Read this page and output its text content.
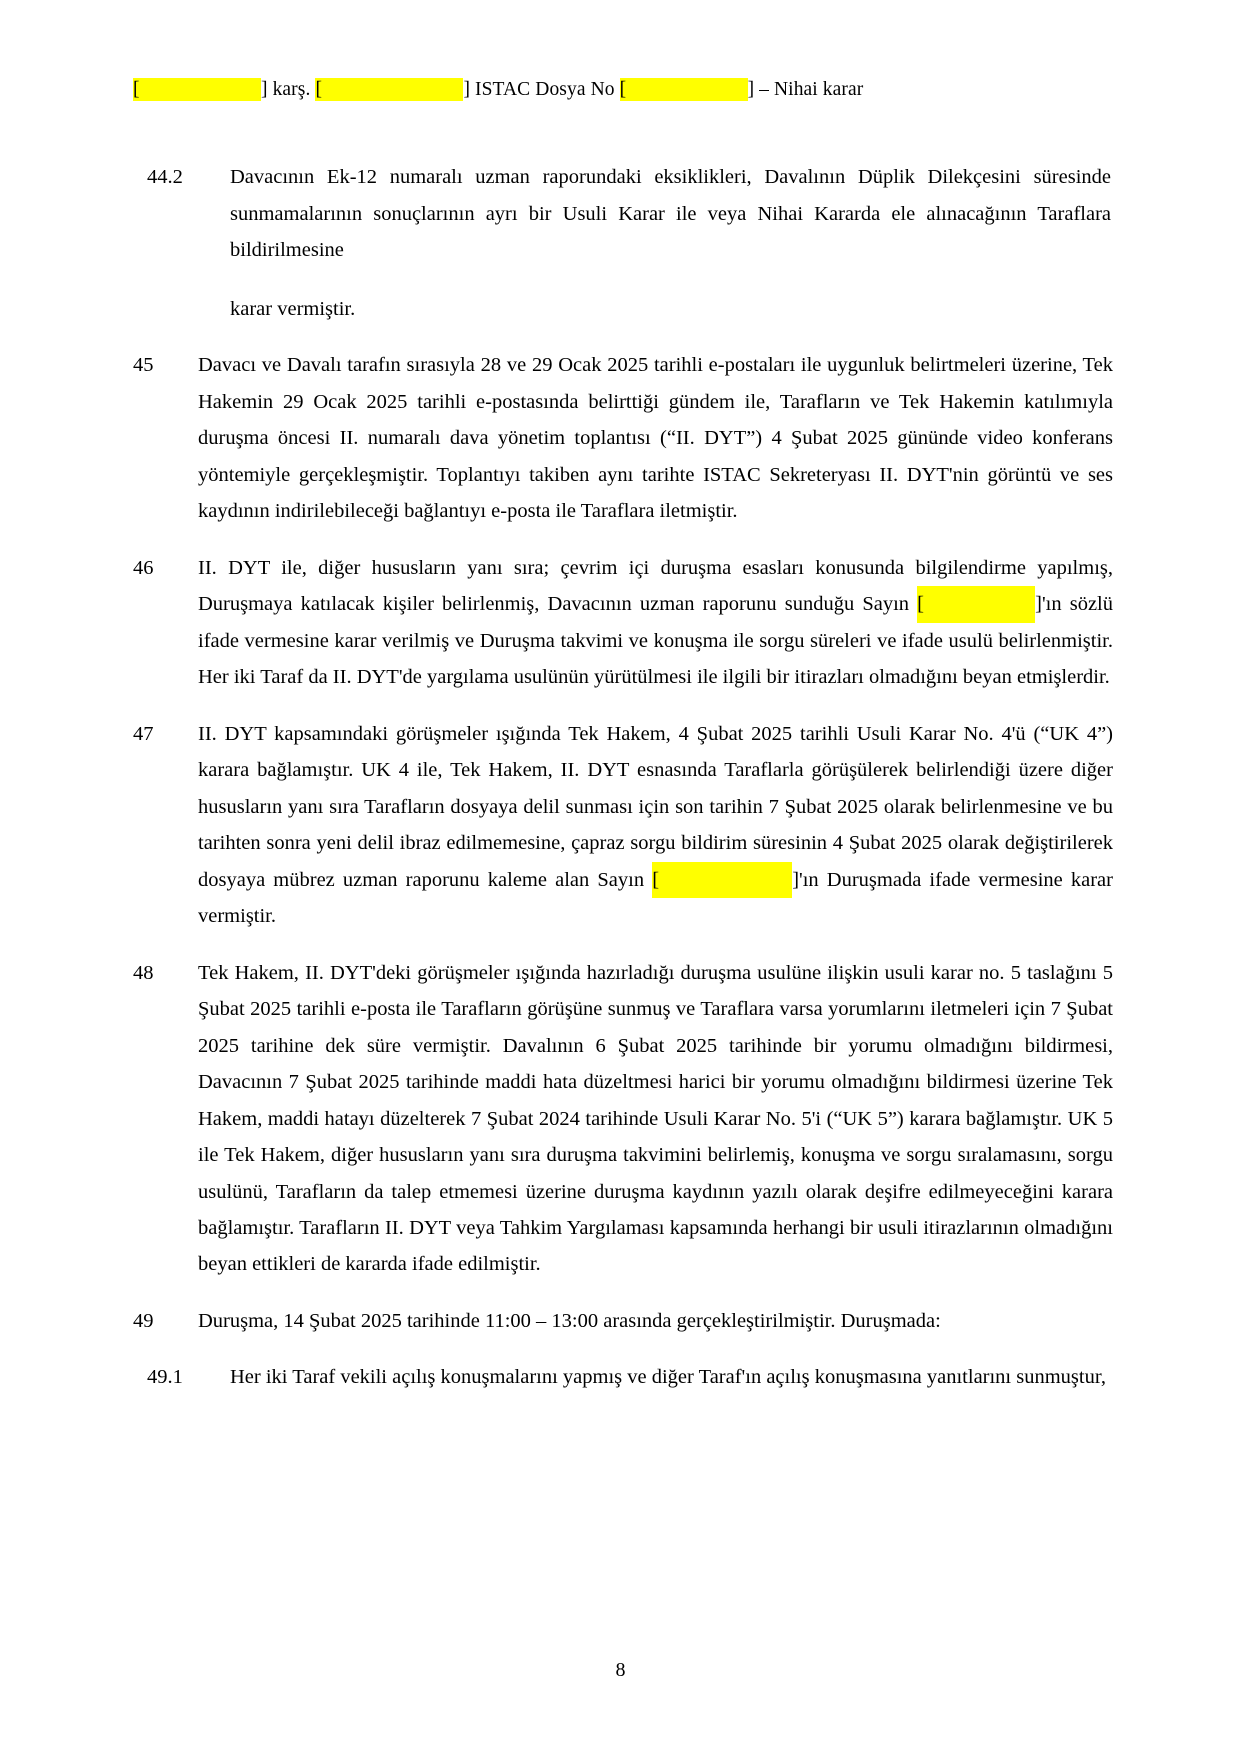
[	] karş. [	] ISTAC Dosya No [	] – Nihai karar
44.2	Davacının Ek-12 numaralı uzman raporundaki eksiklikleri, Davalının Düplik Dilekçesini süresinde sunmamalarının sonuçlarının ayrı bir Usuli Karar ile veya Nihai Kararda ele alınacağının Taraflara bildirilmesine

karar vermiştir.

45	Davacı ve Davalı tarafın sırasıyla 28 ve 29 Ocak 2025 tarihli e-postaları ile uygunluk belirtmeleri üzerine, Tek Hakemin 29 Ocak 2025 tarihli e-postasında belirttiği gündem ile, Tarafların ve Tek Hakemin katılımıyla duruşma öncesi II. numaralı dava yönetim toplantısı (“II. DYT”) 4 Şubat 2025 gününde video konferans yöntemiyle gerçekleşmiştir. Toplantıyı takiben aynı tarihte ISTAC Sekreteryası II. DYT'nin görüntü ve ses kaydının indirilebileceği bağlantıyı e-posta ile Taraflara iletmiştir.

46	II. DYT ile, diğer hususların yanı sıra; çevrim içi duruşma esasları konusunda bilgilendirme yapılmış, Duruşmaya katılacak kişiler belirlenmiş, Davacının uzman raporunu sunduğu Sayın [	]'ın sözlü ifade vermesine karar verilmiş ve Duruşma takvimi ve konuşma ile sorgu süreleri ve ifade usulü belirlenmiştir. Her iki Taraf da II. DYT'de yargılama usulünün yürütülmesi ile ilgili bir itirazları olmadığını beyan etmişlerdir.

47	II. DYT kapsamındaki görüşmeler ışığında Tek Hakem, 4 Şubat 2025 tarihli Usuli Karar No. 4'ü (“UK 4”) karara bağlamıştır. UK 4 ile, Tek Hakem, II. DYT esnasında Taraflarla görüşülerek belirlendiği üzere diğer hususların yanı sıra Tarafların dosyaya delil sunması için son tarihin 7 Şubat 2025 olarak belirlenmesine ve bu tarihten sonra yeni delil ibraz edilmemesine, çapraz sorgu bildirim süresinin 4 Şubat 2025 olarak değiştirilerek dosyaya mübrez uzman raporunu kaleme alan Sayın [	]'ın Duruşmada ifade vermesine karar vermiştir.

48	Tek Hakem, II. DYT'deki görüşmeler ışığında hazırladığı duruşma usulüne ilişkin usuli karar no. 5 taslağını 5 Şubat 2025 tarihli e-posta ile Tarafların görüşüne sunmuş ve Taraflara varsa yorumlarını iletmeleri için 7 Şubat 2025 tarihine dek süre vermiştir. Davalının 6 Şubat 2025 tarihinde bir yorumu olmadığını bildirmesi, Davacının 7 Şubat 2025 tarihinde maddi hata düzeltmesi harici bir yorumu olmadığını bildirmesi üzerine Tek Hakem, maddi hatayı düzelterek 7 Şubat 2024 tarihinde Usuli Karar No. 5'i (“UK 5”) karara bağlamıştır. UK 5 ile Tek Hakem, diğer hususların yanı sıra duruşma takvimini belirlemiş, konuşma ve sorgu sıralamasını, sorgu usulünü, Tarafların da talep etmemesi üzerine duruşma kaydının yazılı olarak deşifre edilmeyeceğini karara bağlamıştır. Tarafların II. DYT veya Tahkim Yargılaması kapsamında herhangi bir usuli itirazlarının olmadığını beyan ettikleri de kararda ifade edilmiştir.

49	Duruşma, 14 Şubat 2025 tarihinde 11:00 – 13:00 arasında gerçekleştirilmiştir. Duruşmada:

49.1	Her iki Taraf vekili açılış konuşmalarını yapmış ve diğer Taraf'ın açılış konuşmasına yanıtlarını sunmuştur,

8
